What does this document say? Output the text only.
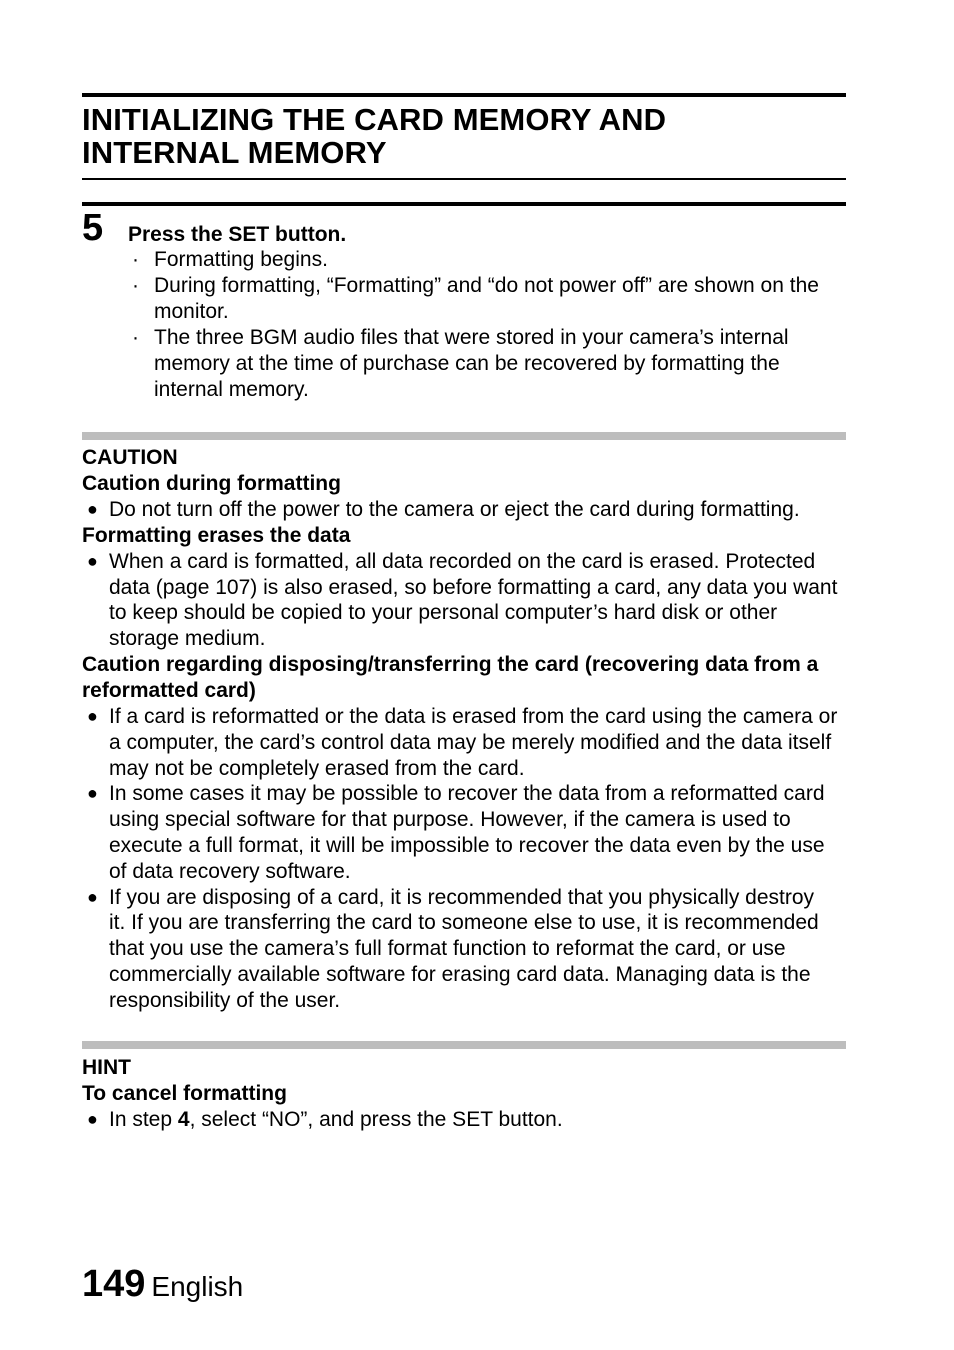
INITIALIZING THE CARD MEMORY AND INTERNAL MEMORY
5 Press the SET button.
· Formatting begins.
· During formatting, “Formatting” and “do not power off” are shown on the monitor.
· The three BGM audio files that were stored in your camera’s internal memory at the time of purchase can be recovered by formatting the internal memory.
CAUTION
Caution during formatting
● Do not turn off the power to the camera or eject the card during formatting.
Formatting erases the data
● When a card is formatted, all data recorded on the card is erased. Protected data (page 107) is also erased, so before formatting a card, any data you want to keep should be copied to your personal computer’s hard disk or other storage medium.
Caution regarding disposing/transferring the card (recovering data from a reformatted card)
● If a card is reformatted or the data is erased from the card using the camera or a computer, the card’s control data may be merely modified and the data itself may not be completely erased from the card.
● In some cases it may be possible to recover the data from a reformatted card using special software for that purpose. However, if the camera is used to execute a full format, it will be impossible to recover the data even by the use of data recovery software.
● If you are disposing of a card, it is recommended that you physically destroy it. If you are transferring the card to someone else to use, it is recommended that you use the camera’s full format function to reformat the card, or use commercially available software for erasing card data. Managing data is the responsibility of the user.
HINT
To cancel formatting
● In step 4, select “NO”, and press the SET button.
149 English
